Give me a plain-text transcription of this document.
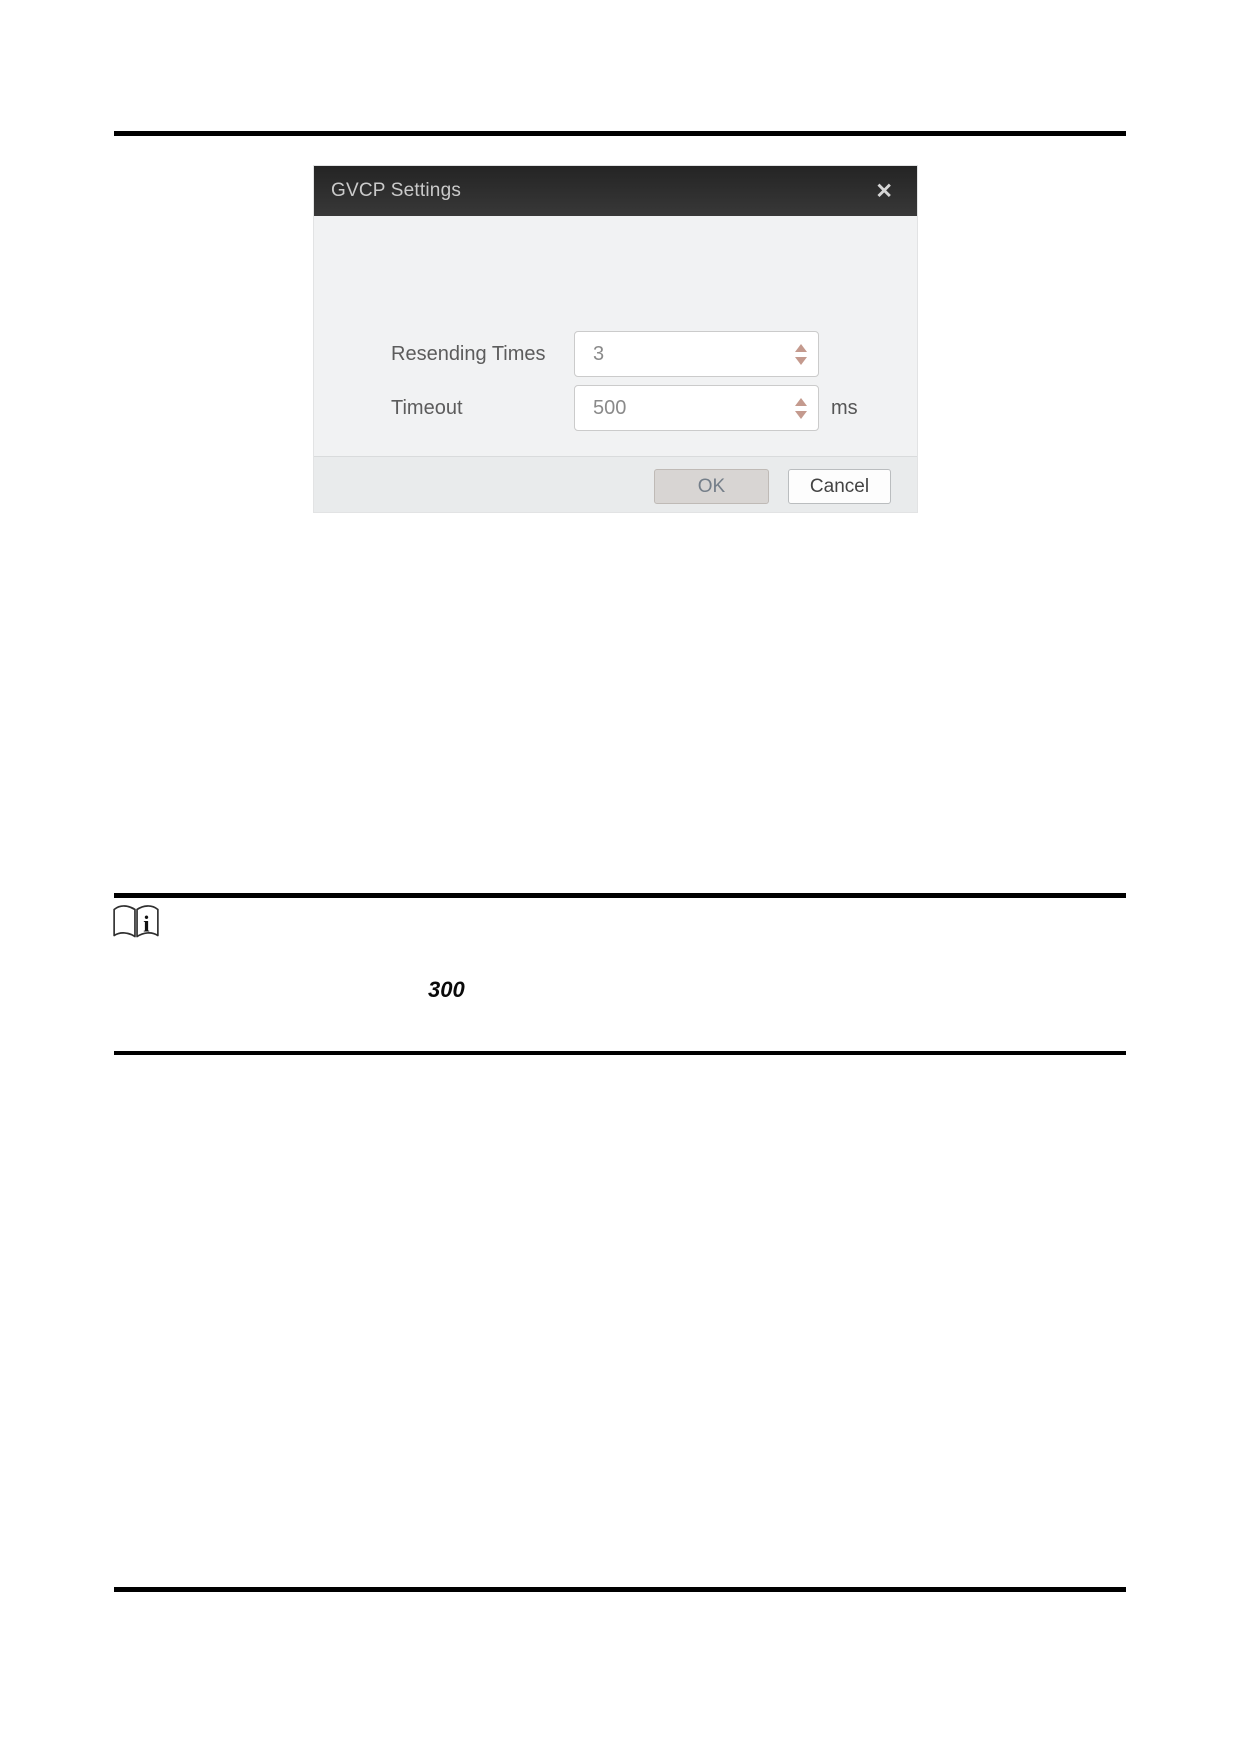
GVCP Settings	✕
Resending Times 3
Timeout	500	ms
OK	Cancel
i
300
